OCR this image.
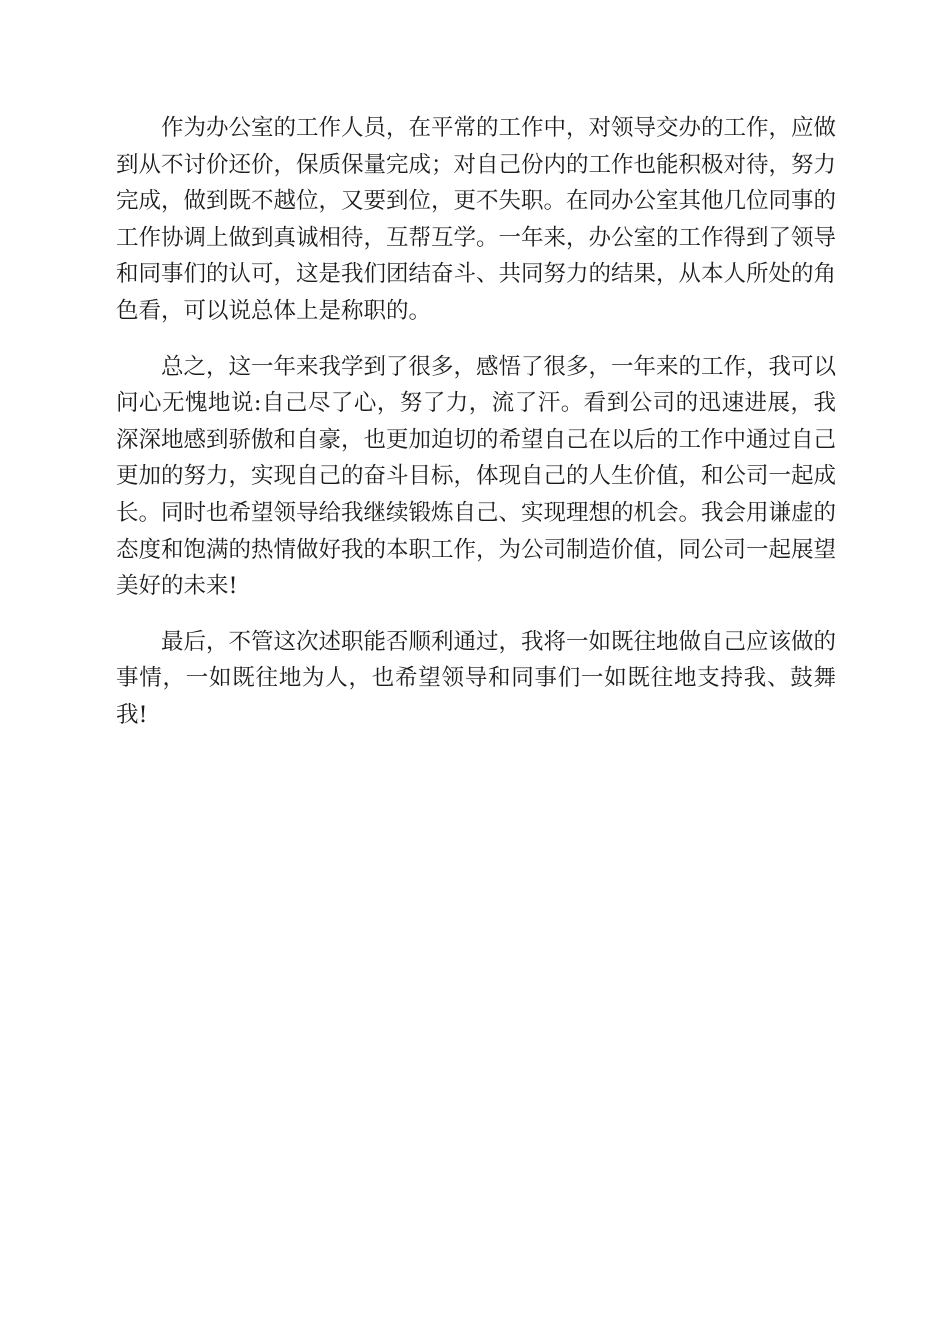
作为办公室的工作人员，在平常的工作中，对领导交办的工作，应做到从不讨价还价，保质保量完成；对自己份内的工作也能积极对待，努力完成，做到既不越位，又要到位，更不失职。在同办公室其他几位同事的工作协调上做到真诚相待，互帮互学。一年来，办公室的工作得到了领导和同事们的认可，这是我们团结奋斗、共同努力的结果，从本人所处的角色看，可以说总体上是称职的。

总之，这一年来我学到了很多，感悟了很多，一年来的工作，我可以问心无愧地说:自己尽了心，努了力，流了汗。看到公司的迅速进展，我深深地感到骄傲和自豪，也更加迫切的希望自己在以后的工作中通过自己更加的努力，实现自己的奋斗目标，体现自己的人生价值，和公司一起成长。同时也希望领导给我继续锻炼自己、实现理想的机会。我会用谦虚的态度和饱满的热情做好我的本职工作，为公司制造价值，同公司一起展望美好的未来!

最后，不管这次述职能否顺利通过，我将一如既往地做自己应该做的事情，一如既往地为人，也希望领导和同事们一如既往地支持我、鼓舞我!
